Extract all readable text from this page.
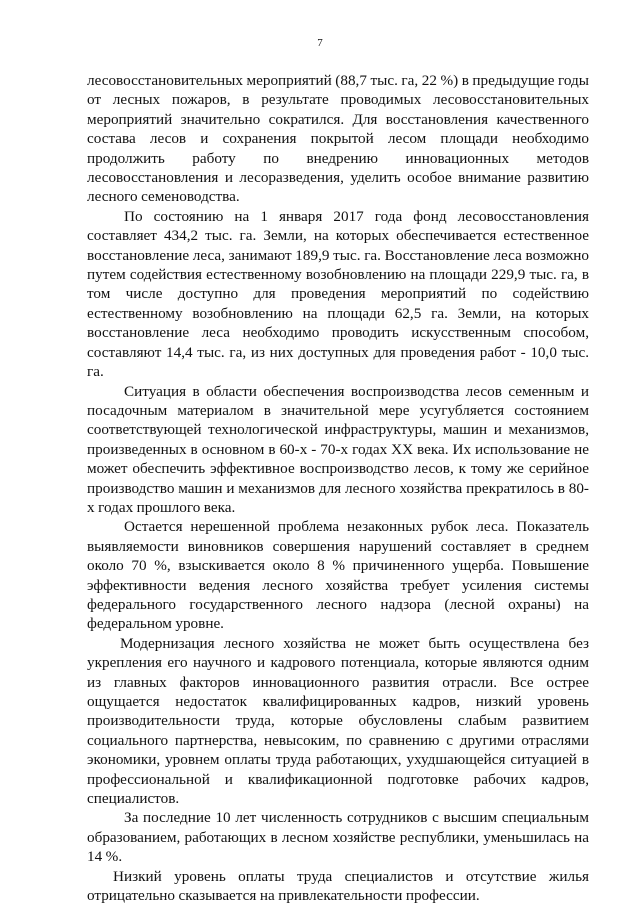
7

лесовосстановительных мероприятий (88,7 тыс. га, 22 %) в предыдущие годы от лесных пожаров, в результате проводимых лесовосстановительных мероприятий значительно сократился. Для восстановления качественного состава лесов и сохранения покрытой лесом площади необходимо продолжить работу по внедрению инновационных методов лесовосстановления и лесоразведения, уделить особое внимание развитию лесного семеноводства.

По состоянию на 1 января 2017 года фонд лесовосстановления составляет 434,2 тыс. га. Земли, на которых обеспечивается естественное восстановление леса, занимают 189,9 тыс. га. Восстановление леса возможно путем содействия естественному возобновлению на площади 229,9 тыс. га, в том числе доступно для проведения мероприятий по содействию естественному возобновлению на площади 62,5 га. Земли, на которых восстановление леса необходимо проводить искусственным способом, составляют 14,4 тыс. га, из них доступных для проведения работ - 10,0 тыс. га.

Ситуация в области обеспечения воспроизводства лесов семенным и посадочным материалом в значительной мере усугубляется состоянием соответствующей технологической инфраструктуры, машин и механизмов, произведенных в основном в 60-х - 70-х годах XX века. Их использование не может обеспечить эффективное воспроизводство лесов, к тому же серийное производство машин и механизмов для лесного хозяйства прекратилось в 80-х годах прошлого века.

Остается нерешенной проблема незаконных рубок леса. Показатель выявляемости виновников совершения нарушений составляет в среднем около 70 %, взыскивается около 8 % причиненного ущерба. Повышение эффективности ведения лесного хозяйства требует усиления системы федерального государственного лесного надзора (лесной охраны) на федеральном уровне.

Модернизация лесного хозяйства не может быть осуществлена без укрепления его научного и кадрового потенциала, которые являются одним из главных факторов инновационного развития отрасли. Все острее ощущается недостаток квалифицированных кадров, низкий уровень производительности труда, которые обусловлены слабым развитием социального партнерства, невысоким, по сравнению с другими отраслями экономики, уровнем оплаты труда работающих, ухудшающейся ситуацией в профессиональной и квалификационной подготовке рабочих кадров, специалистов.

За последние 10 лет численность сотрудников с высшим специальным образованием, работающих в лесном хозяйстве республики, уменьшилась на 14 %.

Низкий уровень оплаты труда специалистов и отсутствие жилья отрицательно сказывается на привлекательности профессии.
